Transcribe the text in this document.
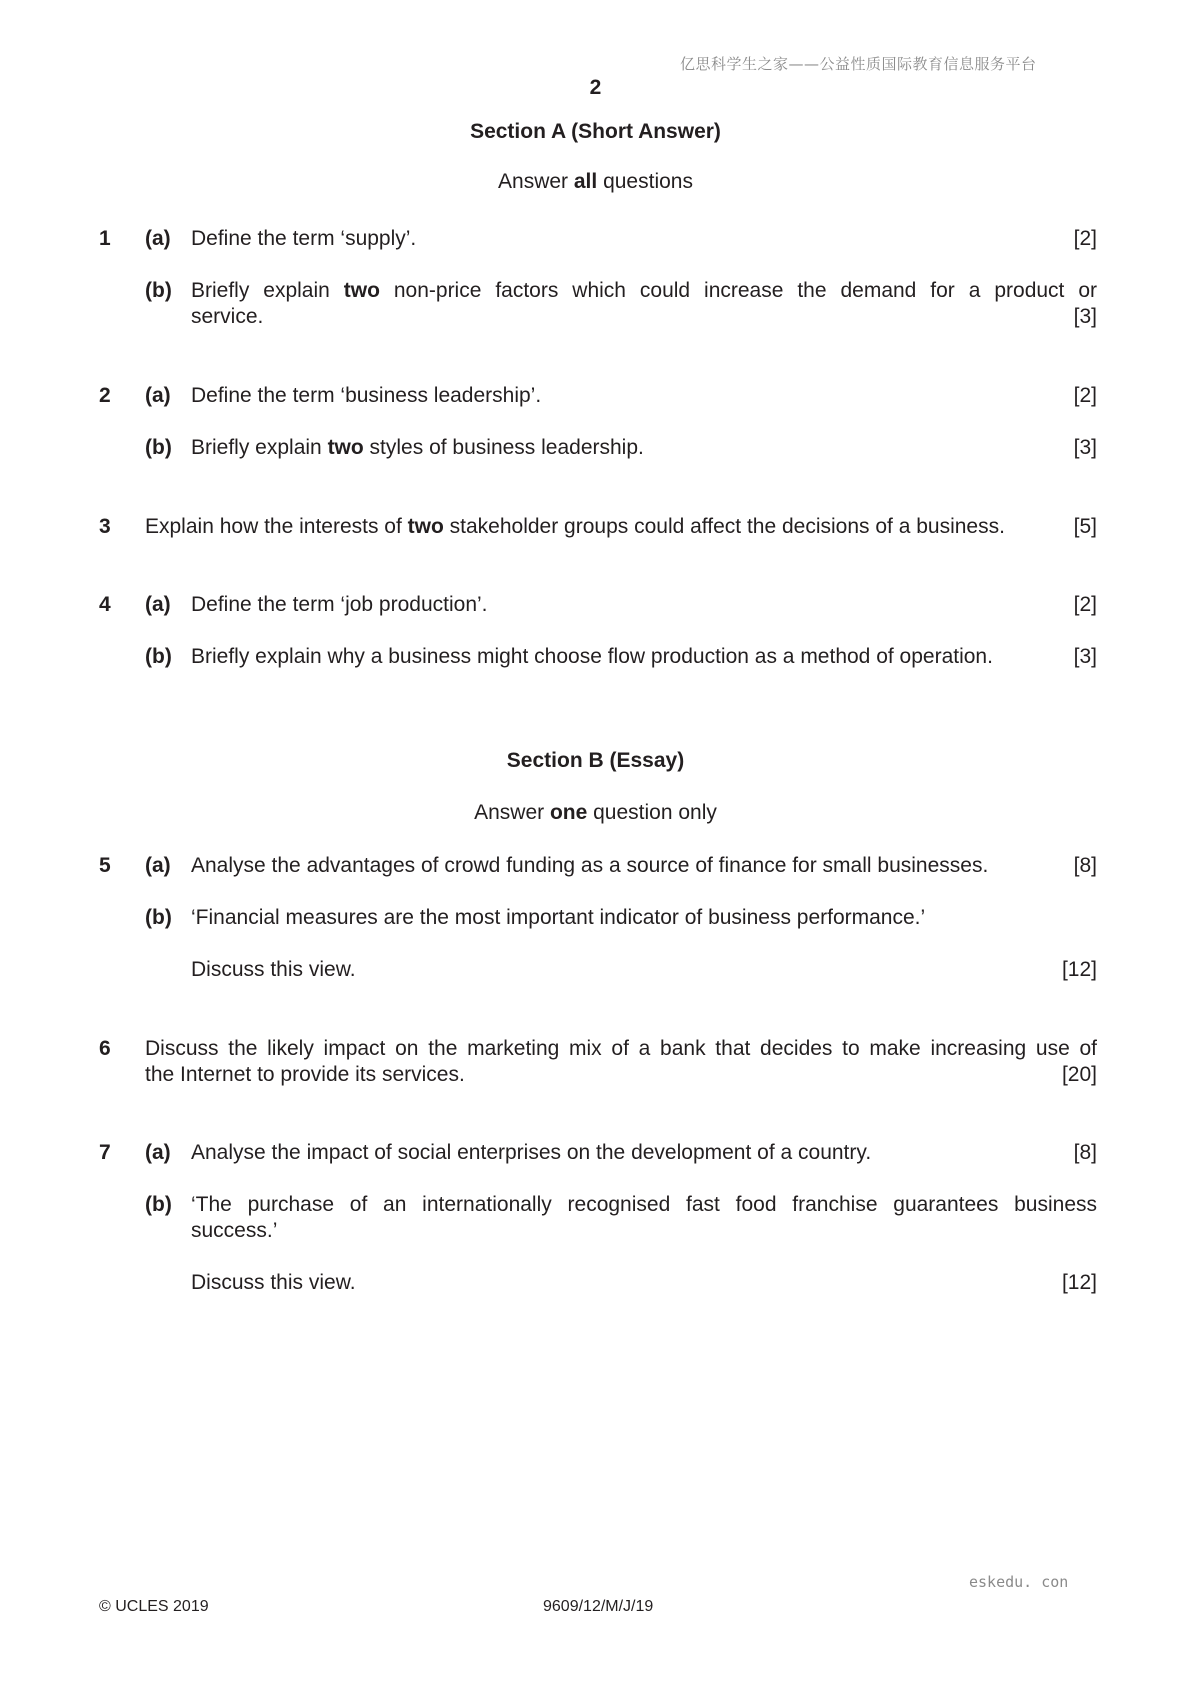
亿思科学生之家——公益性质国际教育信息服务平台
2
Section A (Short Answer)
Answer all questions
1 (a) Define the term ‘supply’.	[2]
(b) Briefly explain two non-price factors which could increase the demand for a product or
service.	[3]
2 (a) Define the term ‘business leadership’.	[2]
(b) Briefly explain two styles of business leadership.	[3]
3 Explain how the interests of two stakeholder groups could affect the decisions of a business.	[5]
4 (a) Define the term ‘job production’.	[2]
(b) Briefly explain why a business might choose flow production as a method of operation.	[3]
Section B (Essay)
Answer one question only
5 (a) Analyse the advantages of crowd funding as a source of finance for small businesses.	[8]
(b) ‘Financial measures are the most important indicator of business performance.’
Discuss this view.	[12]
6 Discuss the likely impact on the marketing mix of a bank that decides to make increasing use of
the Internet to provide its services.	[20]
7 (a) Analyse the impact of social enterprises on the development of a country.	[8]
(b) ‘The purchase of an internationally recognised fast food franchise guarantees business
success.’
Discuss this view.	[12]
eskedu. con
© UCLES 2019	9609/12/M/J/19
